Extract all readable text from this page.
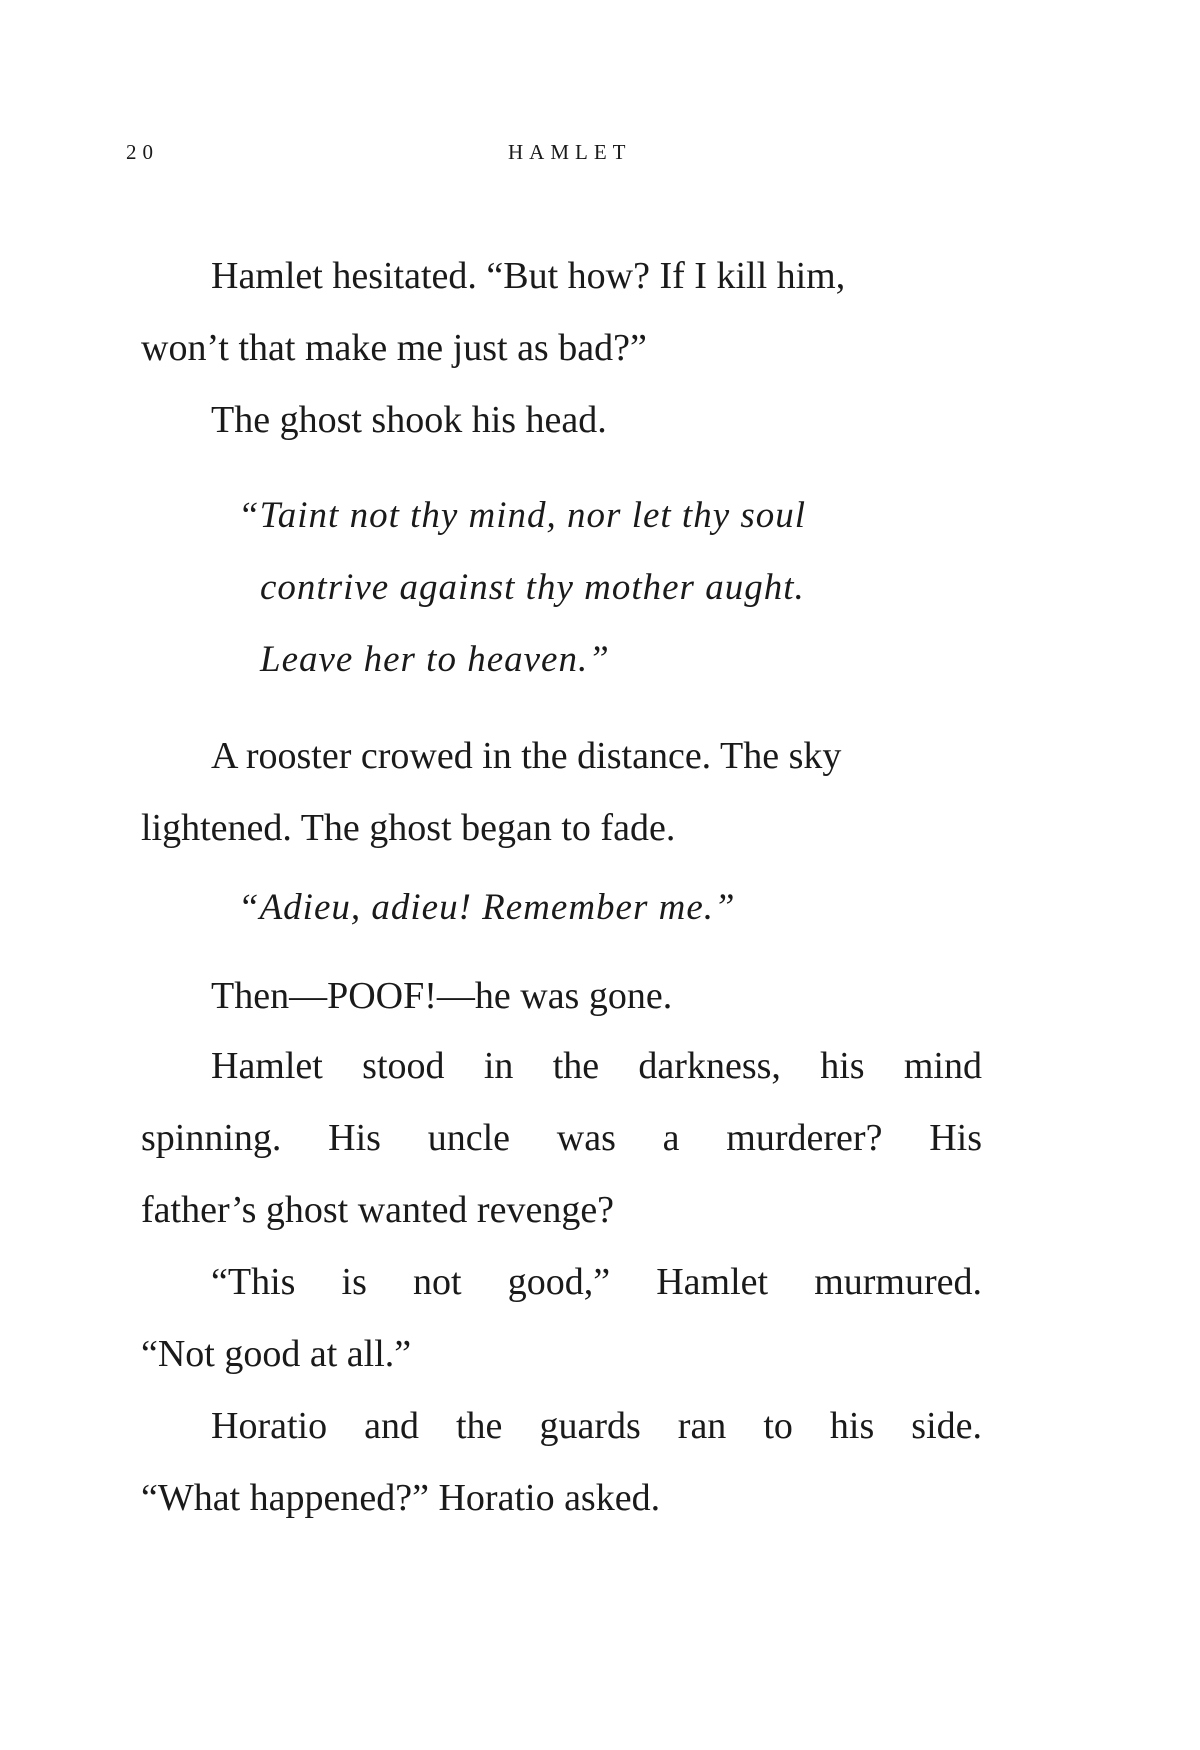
20	HAMLET

Hamlet hesitated. “But how? If I kill him,
won’t that make me just as bad?”

The ghost shook his head.

“Taint not thy mind, nor let thy soul
contrive against thy mother aught.
Leave her to heaven.”

A rooster crowed in the distance. The sky
lightened. The ghost began to fade.

“Adieu, adieu! Remember me.”

Then—POOF!—he was gone.

Hamlet stood in the darkness, his mind
spinning. His uncle was a murderer? His
father’s ghost wanted revenge?

“This is not good,” Hamlet murmured.
“Not good at all.”

Horatio and the guards ran to his side.
“What happened?” Horatio asked.
